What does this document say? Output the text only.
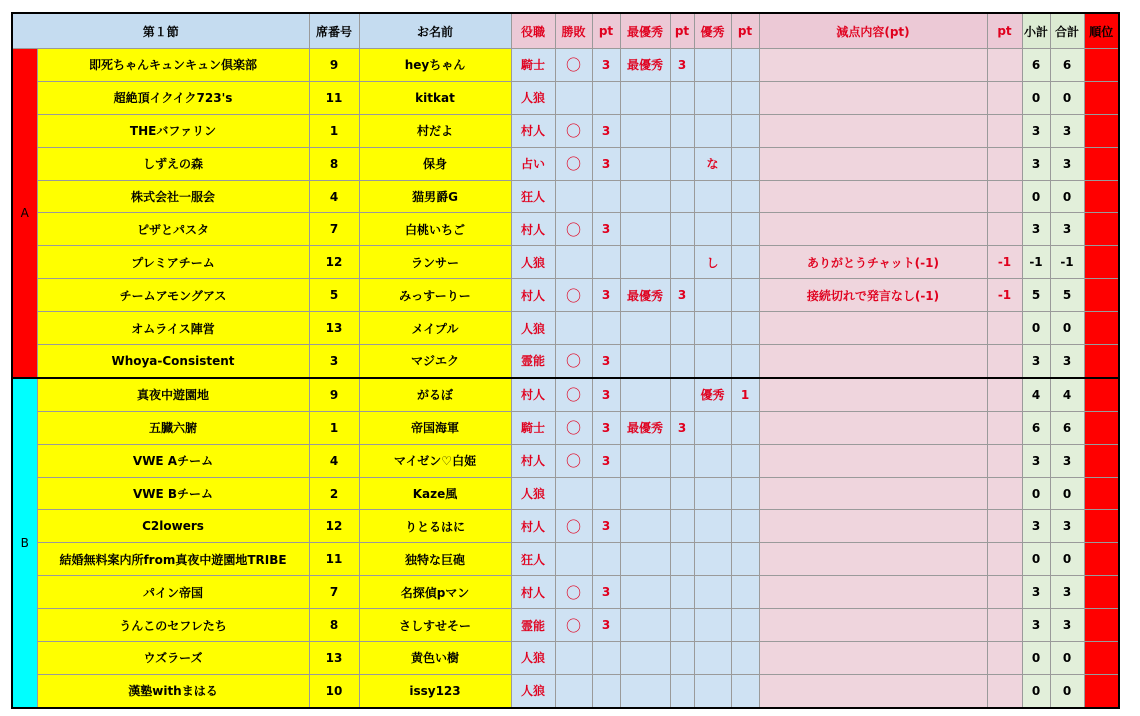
第１節		席番号	お名前	役職	勝敗	pt	最優秀	pt	優秀	pt	減点内容(pt)	pt	小計	合計	順位
A	即死ちゃんキュンキュン倶楽部	9	heyちゃん	騎士	〇	3	最優秀	3					6	6	
	超絶頂イクイク723's	11	kitkat	人狼									0	0	
	THEバファリン	1	村だよ	村人	〇	3							3	3	
	しずえの森	8	保身	占い	〇	3			な				3	3	
	株式会社一服会	4	猫男爵G	狂人									0	0	
	ピザとパスタ	7	白桃いちご	村人	〇	3							3	3	
	プレミアチーム	12	ランサー	人狼					し		ありがとうチャット(-1)	-1	-1	-1	
	チームアモングアス	5	みっすーりー	村人	〇	3	最優秀	3			接続切れで発言なし(-1)	-1	5	5	
	オムライス陣営	13	メイプル	人狼									0	0	
	Whoya-Consistent	3	マジエク	霊能	〇	3							3	3	
B	真夜中遊園地	9	がるぼ	村人	〇	3			優秀	1			4	4	
	五臓六腑	1	帝国海軍	騎士	〇	3	最優秀	3					6	6	
	VWE Aチーム	4	マイゼン♡白姫	村人	〇	3							3	3	
	VWE Bチーム	2	Kaze風	人狼									0	0	
	C2lowers	12	りとるはに	村人	〇	3							3	3	
	結婚無料案内所from真夜中遊園地TRIBE	11	独特な巨砲	狂人									0	0	
	パイン帝国	7	名探偵pマン	村人	〇	3							3	3	
	うんこのセフレたち	8	さしすせそー	霊能	〇	3							3	3	
	ウズラーズ	13	黄色い樹	人狼									0	0	
	漢塾withまはる	10	issy123	人狼									0	0	
